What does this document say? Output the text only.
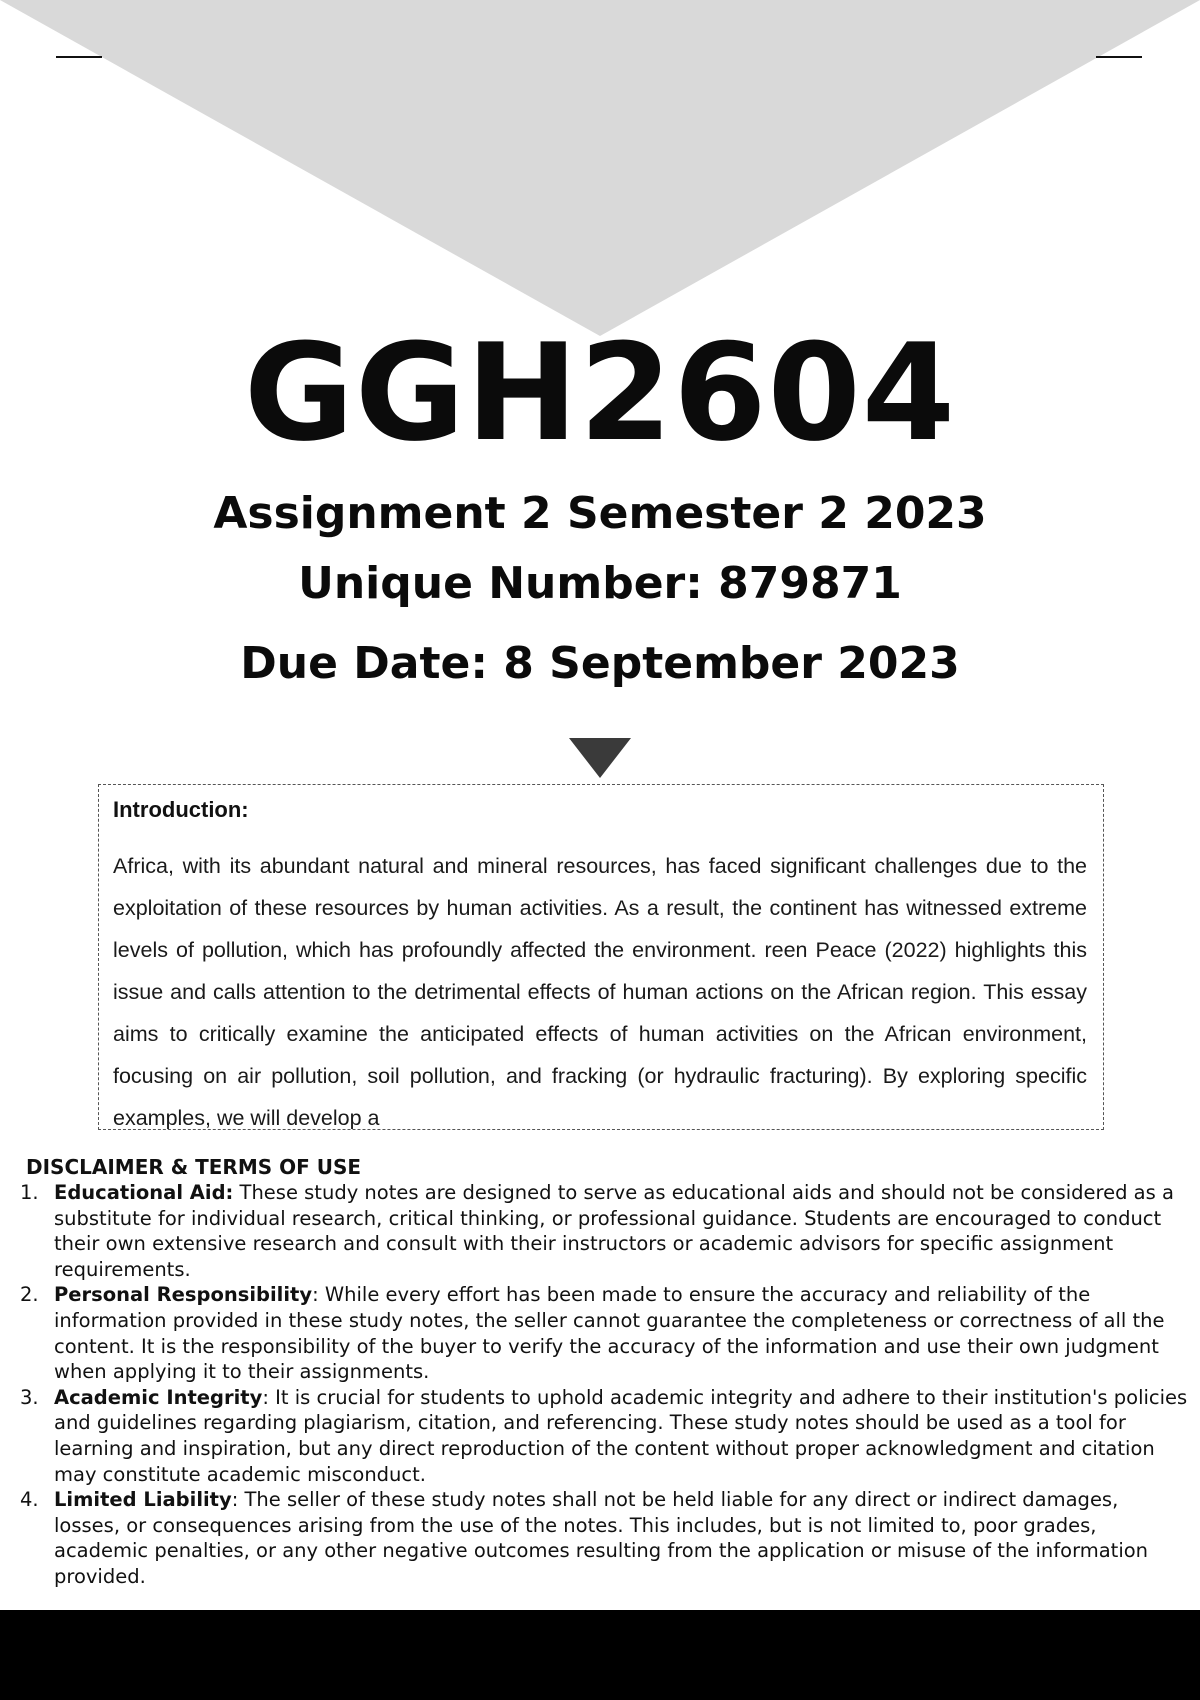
GGH2604
Assignment 2 Semester 2 2023
Unique Number: 879871
Due Date: 8 September 2023
Introduction:

Africa, with its abundant natural and mineral resources, has faced significant challenges due to the exploitation of these resources by human activities. As a result, the continent has witnessed extreme levels of pollution, which has profoundly affected the environment. reen Peace (2022) highlights this issue and calls attention to the detrimental effects of human actions on the African region. This essay aims to critically examine the anticipated effects of human activities on the African environment, focusing on air pollution, soil pollution, and fracking (or hydraulic fracturing). By exploring specific examples, we will develop a

DISCLAIMER & TERMS OF USE
1. Educational Aid: These study notes are designed to serve as educational aids and should not be considered as a substitute for individual research, critical thinking, or professional guidance. Students are encouraged to conduct their own extensive research and consult with their instructors or academic advisors for specific assignment requirements.
2. Personal Responsibility: While every effort has been made to ensure the accuracy and reliability of the information provided in these study notes, the seller cannot guarantee the completeness or correctness of all the content. It is the responsibility of the buyer to verify the accuracy of the information and use their own judgment when applying it to their assignments.
3. Academic Integrity: It is crucial for students to uphold academic integrity and adhere to their institution's policies and guidelines regarding plagiarism, citation, and referencing. These study notes should be used as a tool for learning and inspiration, but any direct reproduction of the content without proper acknowledgment and citation may constitute academic misconduct.
4. Limited Liability: The seller of these study notes shall not be held liable for any direct or indirect damages, losses, or consequences arising from the use of the notes. This includes, but is not limited to, poor grades, academic penalties, or any other negative outcomes resulting from the application or misuse of the information provided.
